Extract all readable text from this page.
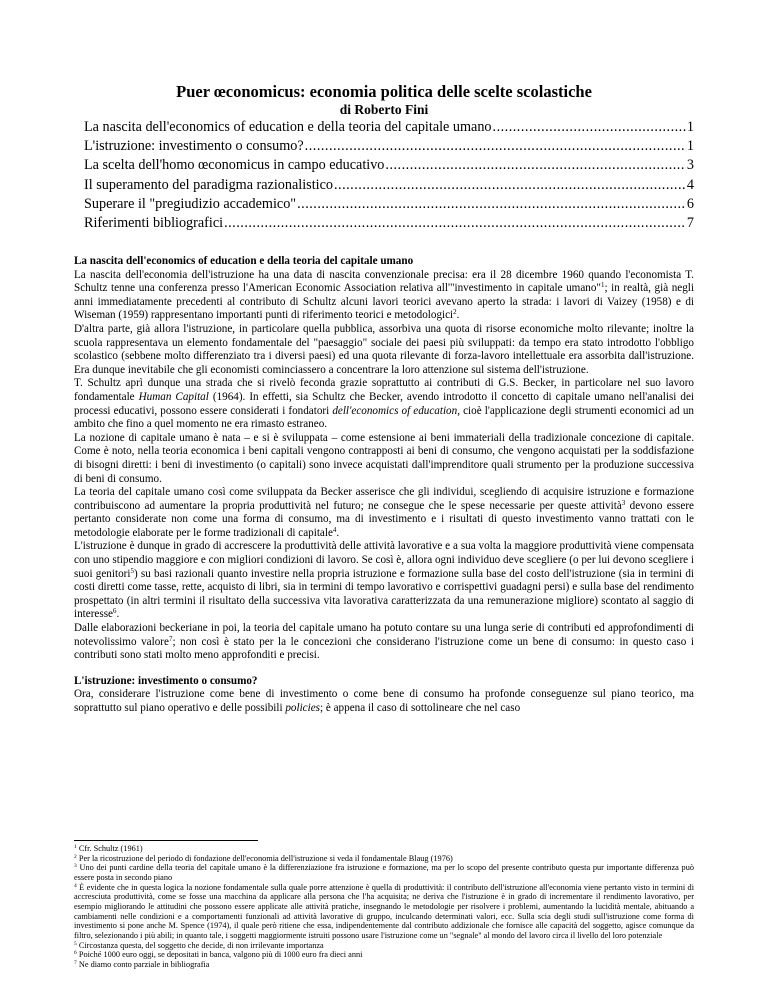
Puer œconomicus: economia politica delle scelte scolastiche
di Roberto Fini
La nascita dell'economics of education e della teoria del capitale umano .....	1
L'istruzione: investimento o consumo? .....	1
La scelta dell'homo œconomicus in campo educativo .....	3
Il superamento del paradigma razionalistico .....	4
Superare il "pregiudizio accademico" .....	6
Riferimenti bibliografici .....	7
La nascita dell'economics of education e della teoria del capitale umano

La nascita dell'economia dell'istruzione ha una data di nascita convenzionale precisa: era il 28 dicembre 1960 quando l'economista T. Schultz tenne una conferenza presso l'American Economic Association relativa all'"investimento in capitale umano"$^1$; in realtà, già negli anni immediatamente precedenti al contributo di Schultz alcuni lavori teorici avevano aperto la strada: i lavori di Vaizey (1958) e di Wiseman (1959) rappresentano importanti punti di riferimento teorici e metodologici$^2$.

D'altra parte, già allora l'istruzione, in particolare quella pubblica, assorbiva una quota di risorse economiche molto rilevante; inoltre la scuola rappresentava un elemento fondamentale del "paesaggio" sociale dei paesi più sviluppati: da tempo era stato introdotto l'obbligo scolastico (sebbene molto differenziato tra i diversi paesi) ed una quota rilevante di forza-lavoro intellettuale era assorbita dall'istruzione. Era dunque inevitabile che gli economisti cominciassero a concentrare la loro attenzione sul sistema dell'istruzione.

T. Schultz aprì dunque una strada che si rivelò feconda grazie soprattutto ai contributi di G.S. Becker, in particolare nel suo lavoro fondamentale Human Capital (1964). In effetti, sia Schultz che Becker, avendo introdotto il concetto di capitale umano nell'analisi dei processi educativi, possono essere considerati i fondatori dell'economics of education, cioè l'applicazione degli strumenti economici ad un ambito che fino a quel momento ne era rimasto estraneo.

La nozione di capitale umano è nata – e si è sviluppata – come estensione ai beni immateriali della tradizionale concezione di capitale. Come è noto, nella teoria economica i beni capitali vengono contrapposti ai beni di consumo, che vengono acquistati per la soddisfazione di bisogni diretti: i beni di investimento (o capitali) sono invece acquistati dall'imprenditore quali strumento per la produzione successiva di beni di consumo.

La teoria del capitale umano così come sviluppata da Becker asserisce che gli individui, scegliendo di acquisire istruzione e formazione contribuiscono ad aumentare la propria produttività nel futuro; ne consegue che le spese necessarie per queste attività$^3$ devono essere pertanto considerate non come una forma di consumo, ma di investimento e i risultati di questo investimento vanno trattati con le metodologie elaborate per le forme tradizionali di capitale$^4$.

L'istruzione è dunque in grado di accrescere la produttività delle attività lavorative e a sua volta la maggiore produttività viene compensata con uno stipendio maggiore e con migliori condizioni di lavoro. Se così è, allora ogni individuo deve scegliere (o per lui devono scegliere i suoi genitori$^5$) su basi razionali quanto investire nella propria istruzione e formazione sulla base del costo dell'istruzione (sia in termini di costi diretti come tasse, rette, acquisto di libri, sia in termini di tempo lavorativo e corrispettivi guadagni persi) e sulla base del rendimento prospettato (in altri termini il risultato della successiva vita lavorativa caratterizzata da una remunerazione migliore) scontato al saggio di interesse$^6$.

Dalle elaborazioni beckeriane in poi, la teoria del capitale umano ha potuto contare su una lunga serie di contributi ed approfondimenti di notevolissimo valore$^7$; non così è stato per la le concezioni che considerano l'istruzione come un bene di consumo: in questo caso i contributi sono stati molto meno approfonditi e precisi.

L'istruzione: investimento o consumo?

Ora, considerare l'istruzione come bene di investimento o come bene di consumo ha profonde conseguenze sul piano teorico, ma soprattutto sul piano operativo e delle possibili policies; è appena il caso di sottolineare che nel caso

$^1$ Cfr. Schultz (1961)

$^2$ Per la ricostruzione del periodo di fondazione dell'economia dell'istruzione si veda il fondamentale Blaug (1976)

$^3$ Uno dei punti cardine della teoria del capitale umano è la differenziazione fra istruzione e formazione, ma per lo scopo del presente contributo questa pur importante differenza può essere posta in secondo piano

$^4$ È evidente che in questa logica la nozione fondamentale sulla quale porre attenzione è quella di produttività: il contributo dell'istruzione all'economia viene pertanto visto in termini di accresciuta produttività, come se fosse una macchina da applicare alla persona che l'ha acquisita; ne deriva che l'istruzione è in grado di incrementare il rendimento lavorativo, per esempio migliorando le attitudini che possono essere applicate alle attività pratiche, insegnando le metodologie per risolvere i problemi, aumentando la lucidità mentale, abituando a cambiamenti nelle condizioni e a comportamenti funzionali ad attività lavorative di gruppo, inculcando determinati valori, ecc. Sulla scia degli studi sull'istruzione come forma di investimento si pone anche M. Spence (1974), il quale però ritiene che essa, indipendentemente dal contributo addizionale che fornisce alle capacità del soggetto, agisce comunque da filtro, selezionando i più abili; in quanto tale, i soggetti maggiormente istruiti possono usare l'istruzione come un "segnale" al mondo del lavoro circa il livello del loro potenziale

$^5$ Circostanza questa, del soggetto che decide, di non irrilevante importanza

$^6$ Poiché 1000 euro oggi, se depositati in banca, valgono più di 1000 euro fra dieci anni

$^7$ Ne diamo conto parziale in bibliografia
